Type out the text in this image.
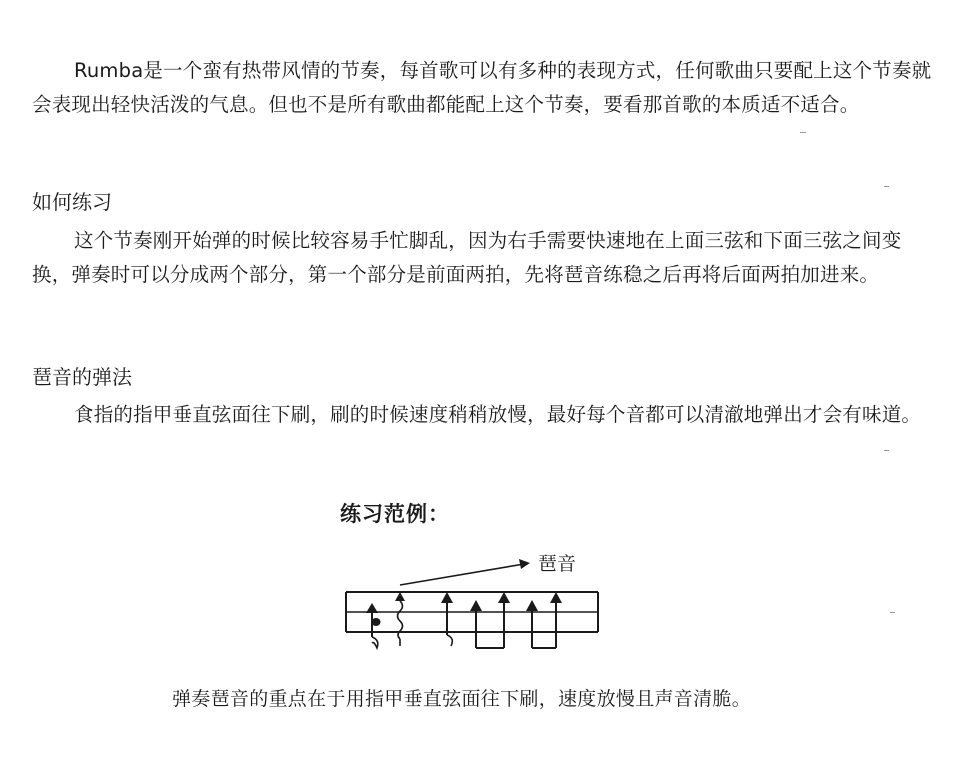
Rumba是一个蛮有热带风情的节奏，每首歌可以有多种的表现方式，任何歌曲只要配上这个节奏就会表现出轻快活泼的气息。但也不是所有歌曲都能配上这个节奏，要看那首歌的本质适不适合。

如何练习

这个节奏刚开始弹的时候比较容易手忙脚乱，因为右手需要快速地在上面三弦和下面三弦之间变换，弹奏时可以分成两个部分，第一个部分是前面两拍，先将琶音练稳之后再将后面两拍加进来。

琶音的弹法

食指的指甲垂直弦面往下刷，刷的时候速度稍稍放慢，最好每个音都可以清澈地弹出才会有味道。

练习范例：
琶音
弹奏琶音的重点在于用指甲垂直弦面往下刷，速度放慢且声音清脆。
